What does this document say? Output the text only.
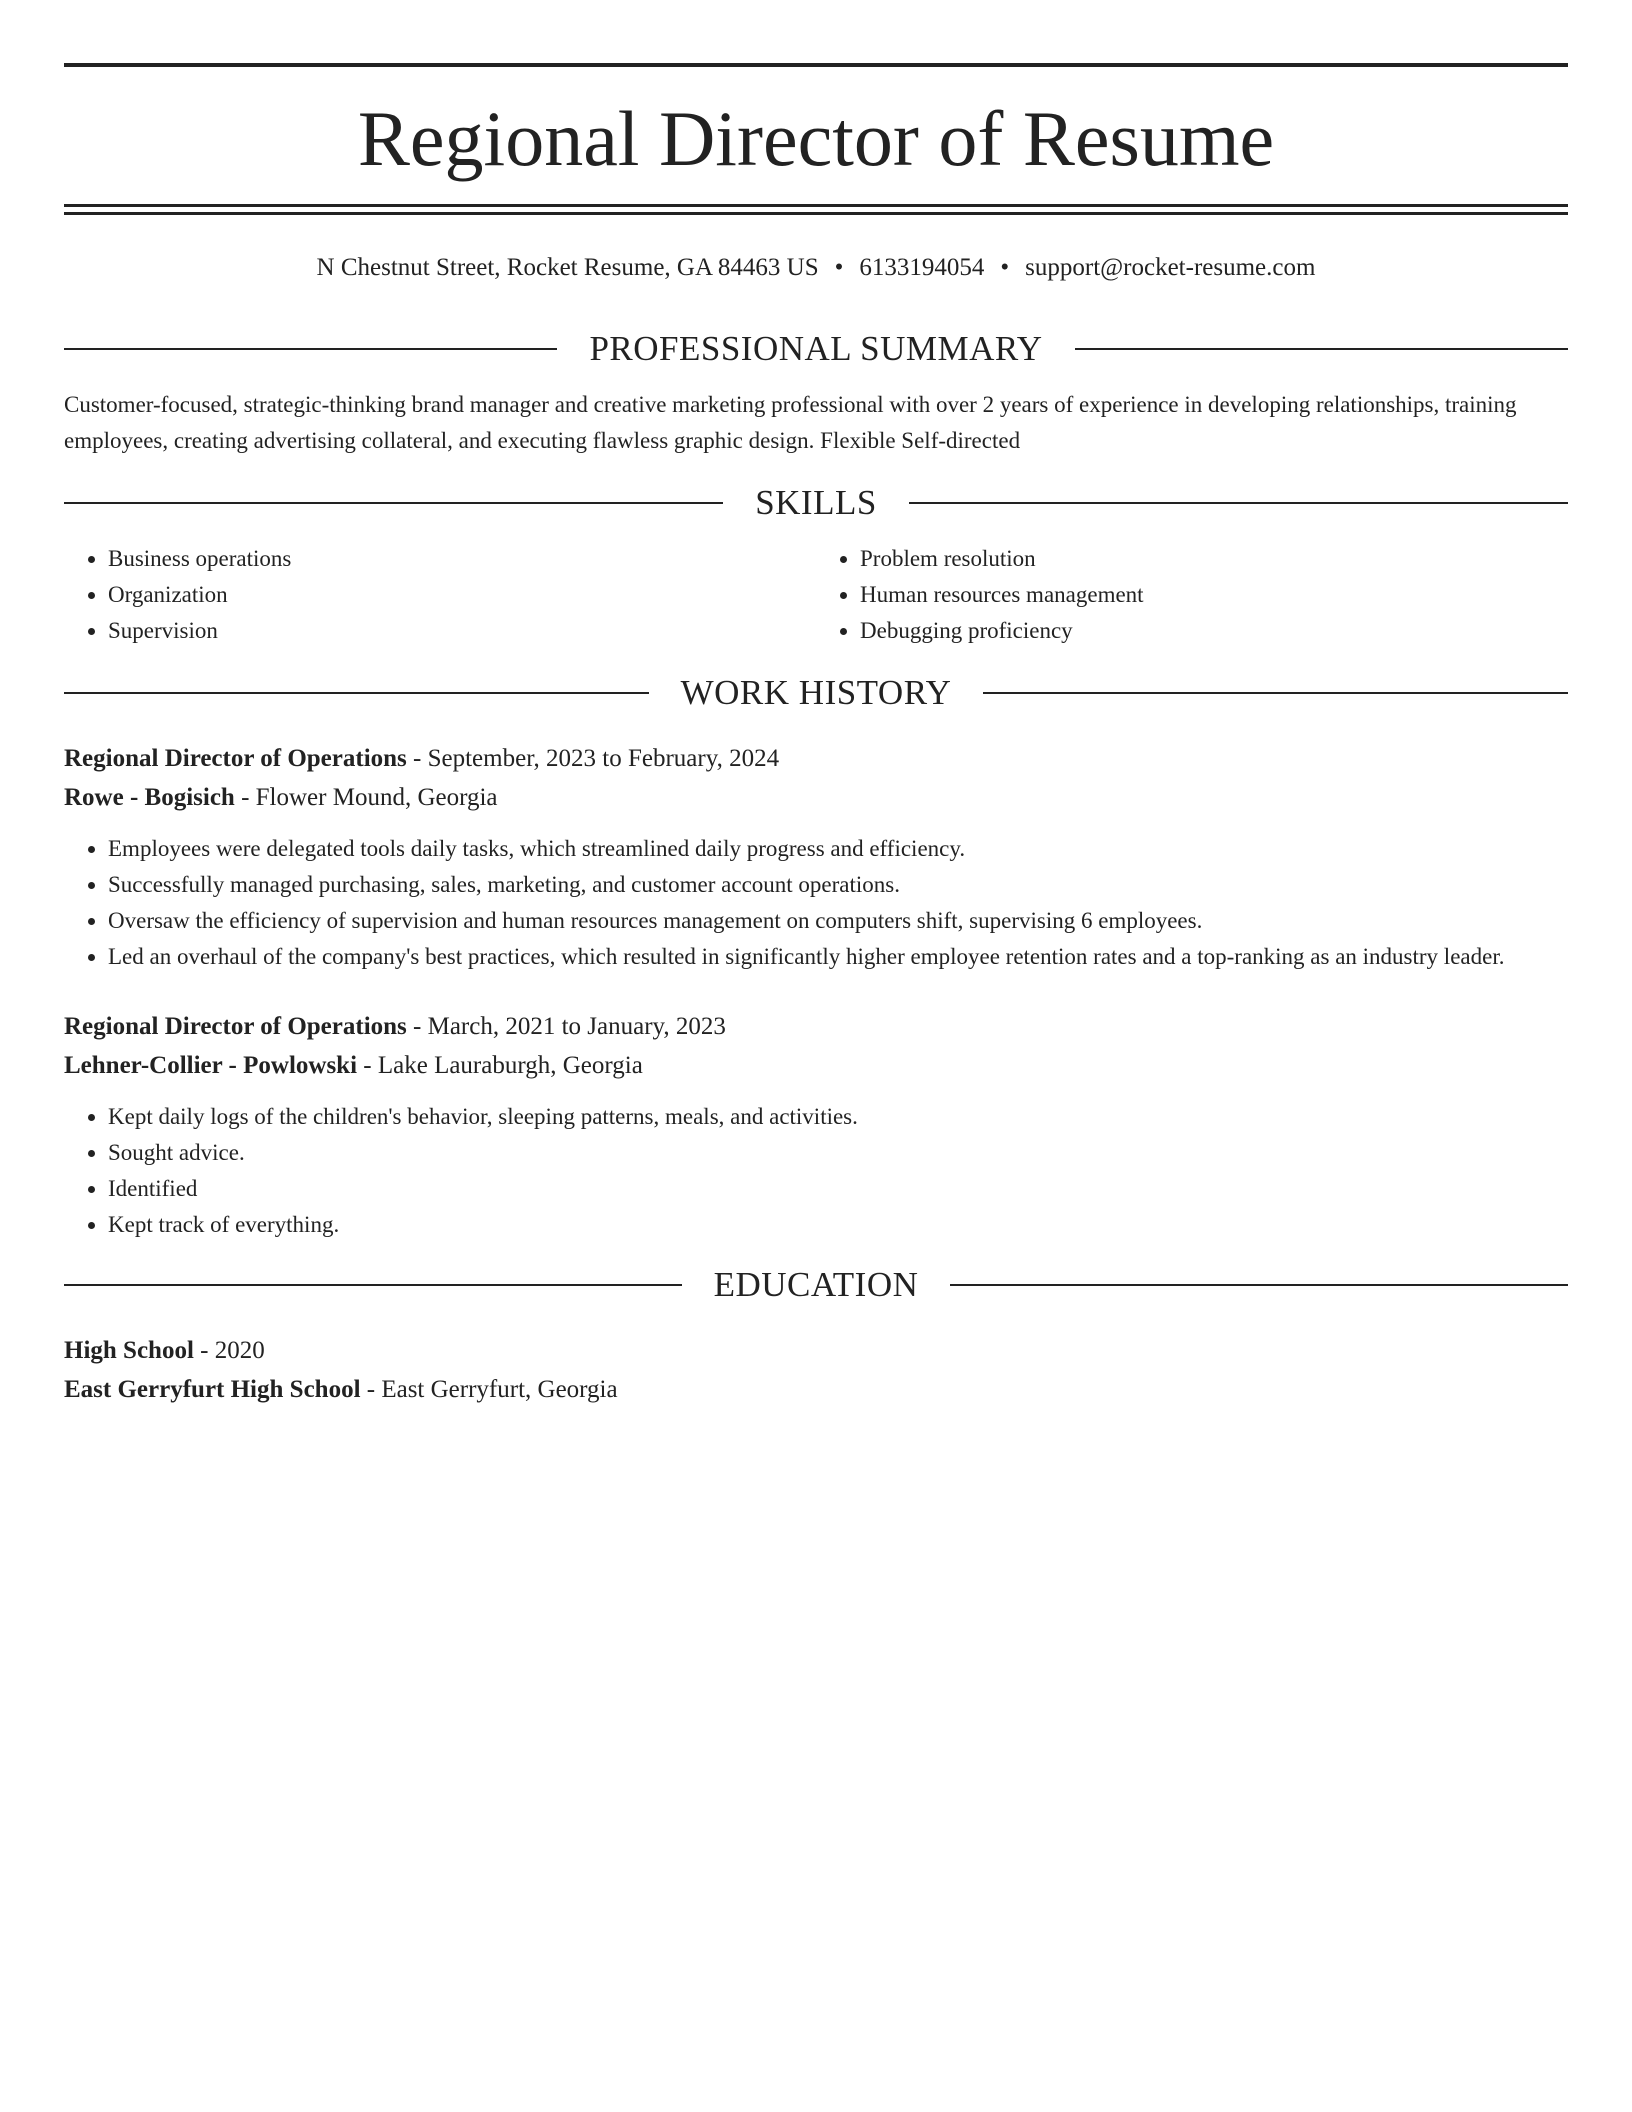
Regional Director of Resume
N Chestnut Street, Rocket Resume, GA 84463 US • 6133194054 • support@rocket-resume.com
PROFESSIONAL SUMMARY
Customer-focused, strategic-thinking brand manager and creative marketing professional with over 2 years of experience in developing relationships, training employees, creating advertising collateral, and executing flawless graphic design. Flexible Self-directed
SKILLS
• Business operations
• Organization
• Supervision
• Problem resolution
• Human resources management
• Debugging proficiency
WORK HISTORY
Regional Director of Operations - September, 2023 to February, 2024
Rowe - Bogisich - Flower Mound, Georgia
• Employees were delegated tools daily tasks, which streamlined daily progress and efficiency.
• Successfully managed purchasing, sales, marketing, and customer account operations.
• Oversaw the efficiency of supervision and human resources management on computers shift, supervising 6 employees.
• Led an overhaul of the company's best practices, which resulted in significantly higher employee retention rates and a top-ranking as an industry leader.
Regional Director of Operations - March, 2021 to January, 2023
Lehner-Collier - Powlowski - Lake Lauraburgh, Georgia
• Kept daily logs of the children's behavior, sleeping patterns, meals, and activities.
• Sought advice.
• Identified
• Kept track of everything.
EDUCATION
High School - 2020
East Gerryfurt High School - East Gerryfurt, Georgia
